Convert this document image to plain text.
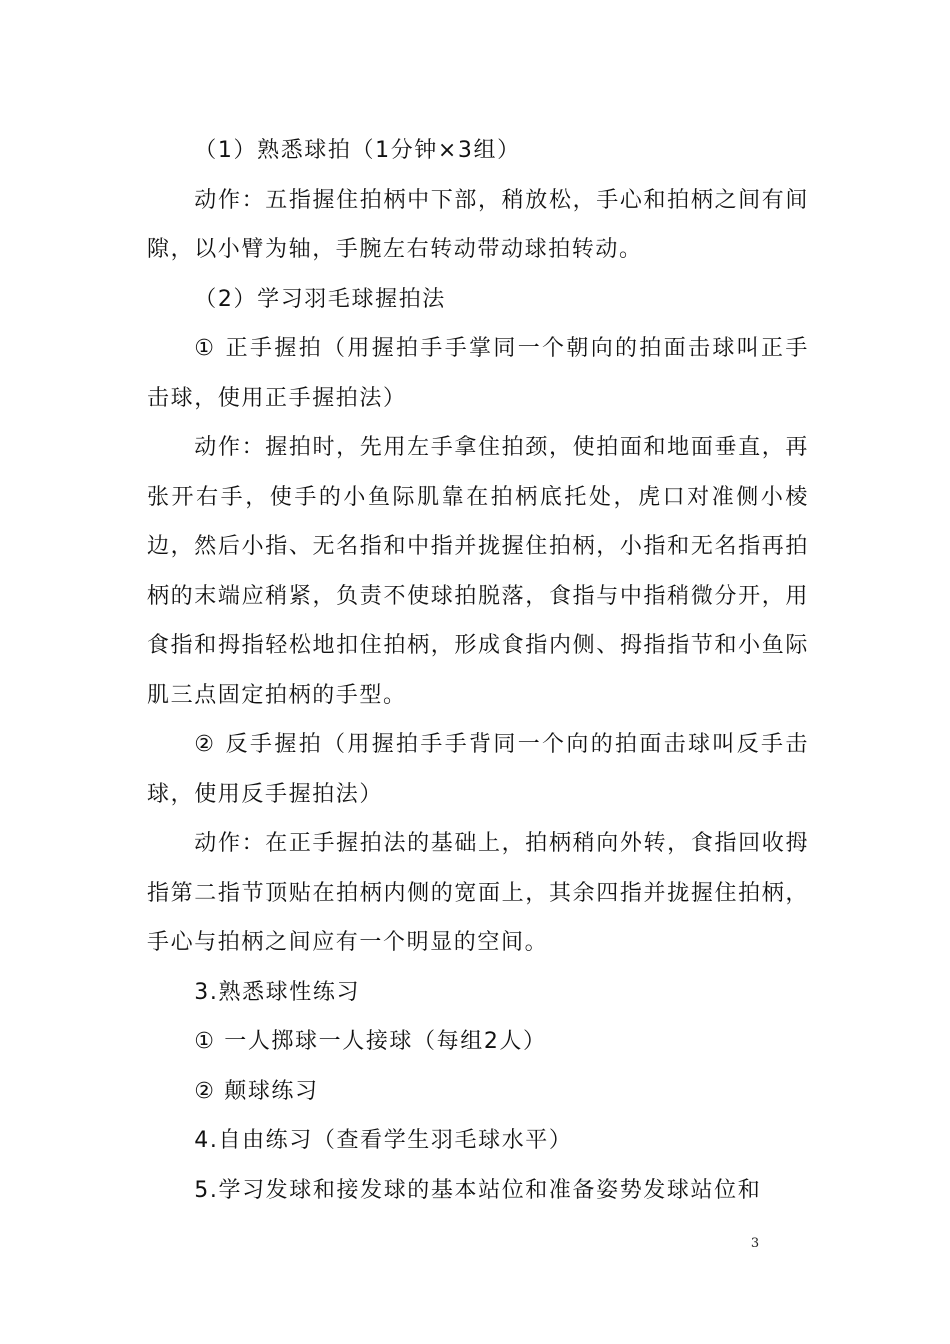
（1）熟悉球拍（1分钟×3组）

动作：五指握住拍柄中下部，稍放松，手心和拍柄之间有间隙，以小臂为轴，手腕左右转动带动球拍转动。

（2）学习羽毛球握拍法

① 正手握拍（用握拍手手掌同一个朝向的拍面击球叫正手击球，使用正手握拍法）

动作：握拍时，先用左手拿住拍颈，使拍面和地面垂直，再张开右手，使手的小鱼际肌靠在拍柄底托处，虎口对准侧小棱边，然后小指、无名指和中指并拢握住拍柄，小指和无名指再拍柄的末端应稍紧，负责不使球拍脱落，食指与中指稍微分开，用食指和拇指轻松地扣住拍柄，形成食指内侧、拇指指节和小鱼际肌三点固定拍柄的手型。

② 反手握拍（用握拍手手背同一个向的拍面击球叫反手击球，使用反手握拍法）

动作：在正手握拍法的基础上，拍柄稍向外转，食指回收拇指第二指节顶贴在拍柄内侧的宽面上，其余四指并拢握住拍柄，手心与拍柄之间应有一个明显的空间。

3.熟悉球性练习

① 一人掷球一人接球（每组2人）

② 颠球练习

4.自由练习（查看学生羽毛球水平）

5.学习发球和接发球的基本站位和准备姿势发球站位和

3
